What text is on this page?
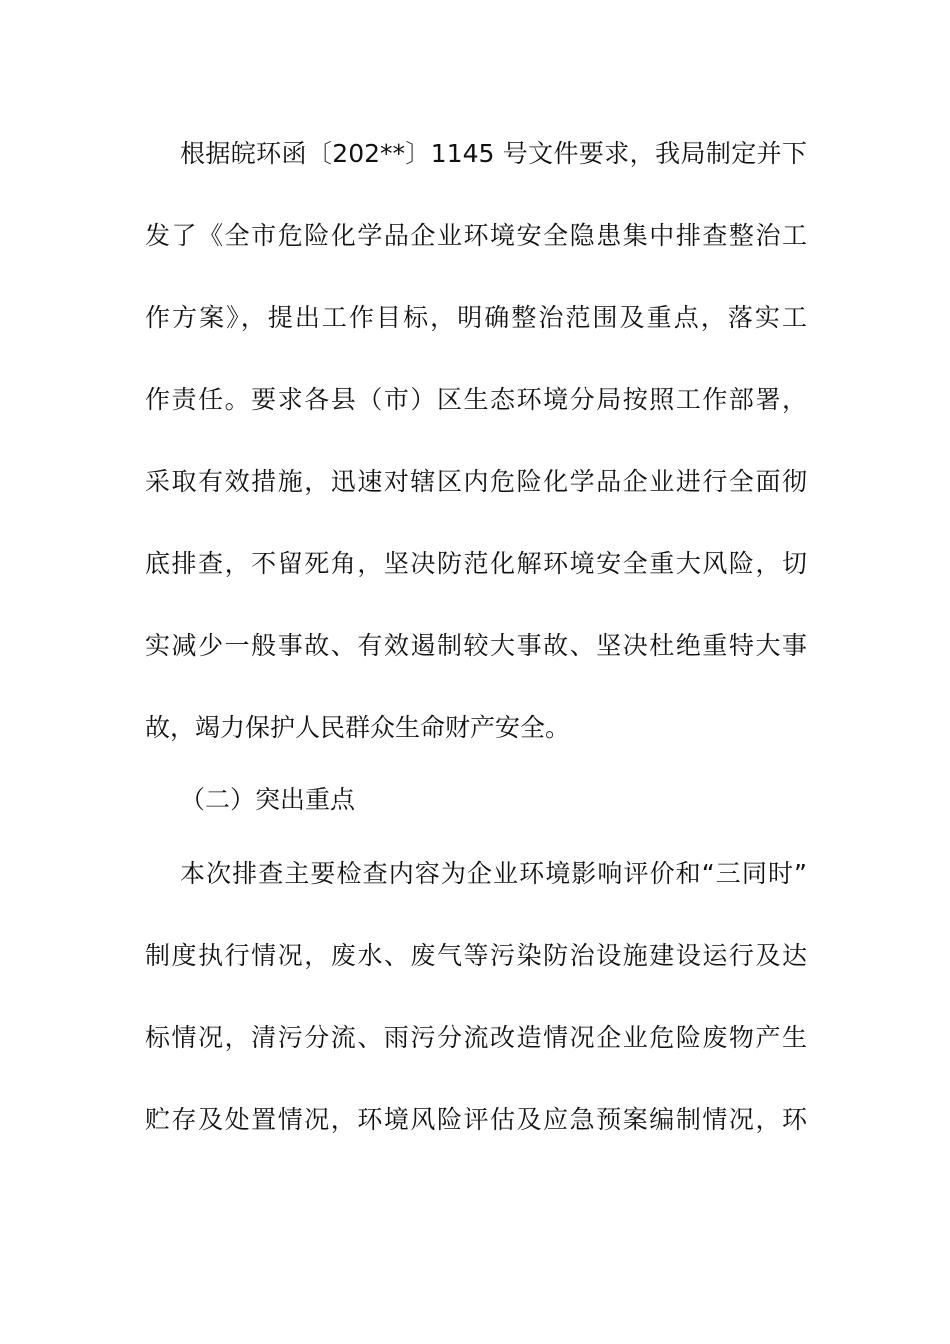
根据皖环函〔202**〕1145 号文件要求，我局制定并下
发了《全市危险化学品企业环境安全隐患集中排查整治工
作方案》，提出工作目标，明确整治范围及重点，落实工
作责任。要求各县（市）区生态环境分局按照工作部署，
采取有效措施，迅速对辖区内危险化学品企业进行全面彻
底排查，不留死角，坚决防范化解环境安全重大风险，切
实减少一般事故、有效遏制较大事故、坚决杜绝重特大事
故，竭力保护人民群众生命财产安全。
（二）突出重点
本次排查主要检查内容为企业环境影响评价和“三同时”
制度执行情况，废水、废气等污染防治设施建设运行及达
标情况，清污分流、雨污分流改造情况企业危险废物产生
贮存及处置情况，环境风险评估及应急预案编制情况，环
